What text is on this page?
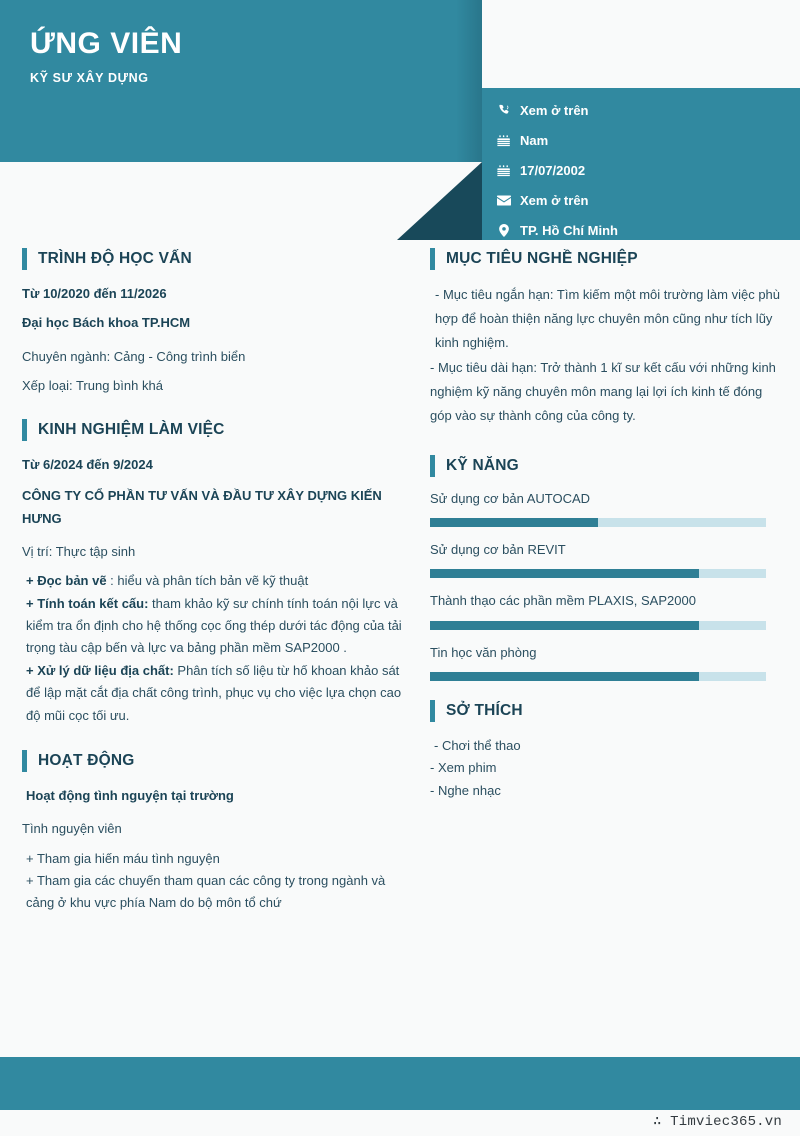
ỨNG VIÊN
KỸ SƯ XÂY DỰNG
Xem ở trên
Nam
17/07/2002
Xem ở trên
TP. Hồ Chí Minh
TRÌNH ĐỘ HỌC VẤN
Từ 10/2020 đến 11/2026
Đại học Bách khoa TP.HCM
Chuyên ngành: Cảng - Công trình biển
Xếp loại: Trung bình khá
KINH NGHIỆM LÀM VIỆC
Từ 6/2024 đến 9/2024
CÔNG TY CỔ PHẦN TƯ VẤN VÀ ĐẦU TƯ XÂY DỰNG KIẾN HƯNG
Vị trí: Thực tập sinh
+ Đọc bản vẽ : hiểu và phân tích bản vẽ kỹ thuật
+ Tính toán kết cấu: tham khảo kỹ sư chính tính toán nội lực và kiểm tra ổn định cho hệ thống cọc ống thép dưới tác động của tải trọng tàu cập bến và lực va bảng phần mềm SAP2000 .
+ Xử lý dữ liệu địa chất: Phân tích số liệu từ hố khoan khảo sát để lập mặt cắt địa chất công trình, phục vụ cho việc lựa chọn cao độ mũi cọc tối ưu.
HOẠT ĐỘNG
Hoạt động tình nguyện tại trường
Tình nguyện viên
+ Tham gia hiến máu tình nguyện
+ Tham gia các chuyến tham quan các công ty trong ngành và cảng ở khu vực phía Nam do bộ môn tổ chứ
MỤC TIÊU NGHỀ NGHIỆP
- Mục tiêu ngắn hạn: Tìm kiếm một môi trường làm việc phù hợp để hoàn thiện năng lực chuyên môn cũng như tích lũy kinh nghiệm.
- Mục tiêu dài hạn: Trở thành 1 kĩ sư kết cấu với những kinh nghiệm kỹ năng chuyên môn mang lại lợi ích kinh tế đóng góp vào sự thành công của công ty.
KỸ NĂNG
Sử dụng cơ bản AUTOCAD
Sử dụng cơ bản REVIT
Thành thạo các phần mềm PLAXIS, SAP2000
Tin học văn phòng
SỞ THÍCH
- Chơi thể thao
- Xem phim
- Nghe nhạc
∴ Timviec365.vn
